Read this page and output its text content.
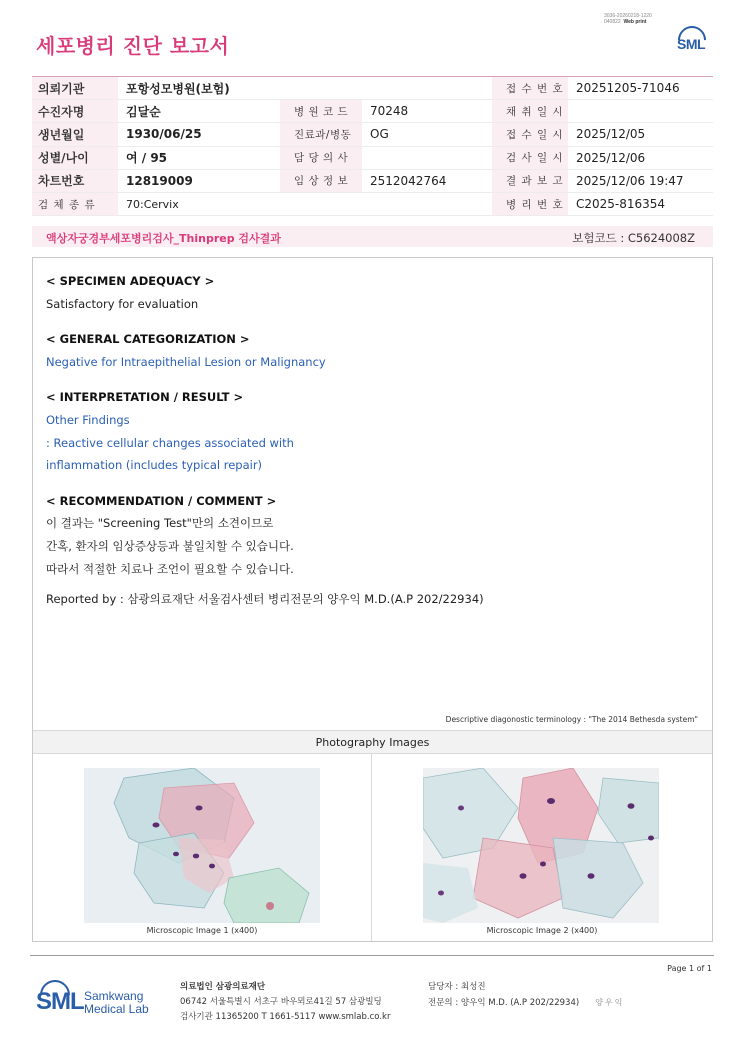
3036-20260218-1220
040822 Web print
세포병리 진단 보고서	SML
의뢰기관	포항성모병원(보험)			접 수 번 호	20251205-71046
수진자명	김달순	병 원 코 드	70248	채 취 일 시	
생년월일	1930/06/25	진료과/병동	OG	접 수 일 시	2025/12/05
성별/나이	여 / 95	담 당 의 사		검 사 일 시	2025/12/06
차트번호	12819009	임 상 정 보	2512042764	결 과 보 고	2025/12/06 19:47
검 체 종 류	70:Cervix			병 리 번 호	C2025-816354
액상자궁경부세포병리검사_Thinprep 검사결과	보험코드 : C5624008Z
< SPECIMEN ADEQUACY >
Satisfactory for evaluation
< GENERAL CATEGORIZATION >
Negative for Intraepithelial Lesion or Malignancy
< INTERPRETATION / RESULT >
Other Findings
: Reactive cellular changes associated with
inflammation (includes typical repair)
< RECOMMENDATION / COMMENT >
이 결과는 "Screening Test"만의 소견이므로
간혹, 환자의 임상증상등과 불일치할 수 있습니다.
따라서 적절한 치료나 조언이 필요할 수 있습니다.
Reported by : 삼광의료재단 서울검사센터 병리전문의 양우익 M.D.(A.P 202/22934)
Descriptive diagonostic terminology : "The 2014 Bethesda system"
Photography Images
Microscopic Image 1 (x400)	Microscopic Image 2 (x400)
Page 1 of 1
SML Samkwang
Medical Lab
의료법인 삼광의료재단
06742 서울특별시 서초구 바우뫼로41길 57 삼광빌딩
검사기관 11365200 T 1661-5117 www.smlab.co.kr
담당자 : 최성진
전문의 : 양우익 M.D. (A.P 202/22934) 양우익
